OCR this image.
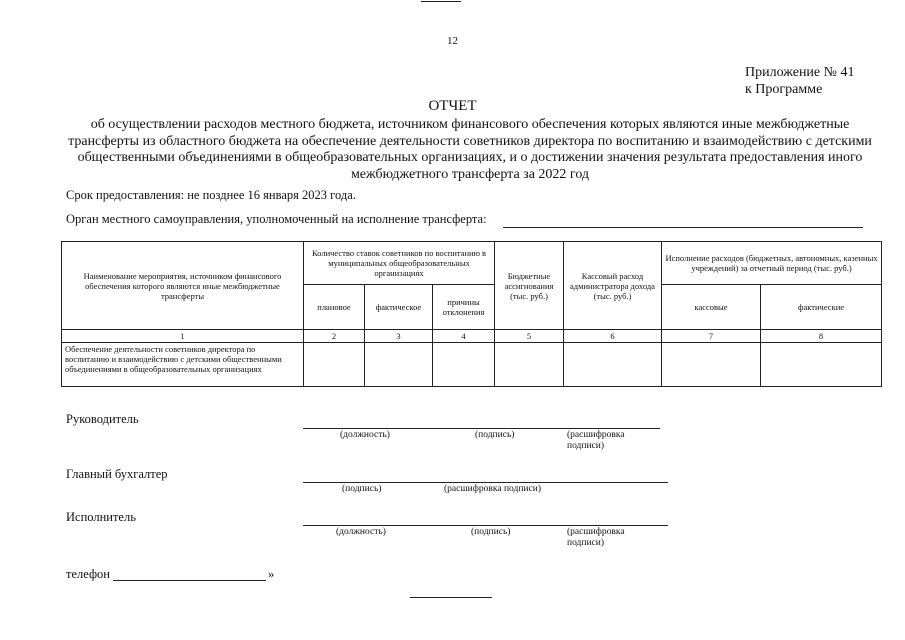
12
Приложение № 41
к Программе
ОТЧЕТ
об осуществлении расходов местного бюджета, источником финансового обеспечения которых являются иные межбюджетные трансферты из областного бюджета на обеспечение деятельности советников директора по воспитанию и взаимодействию с детскими общественными объединениями в общеобразовательных организациях, и о достижении значения результата предоставления иного межбюджетного трансферта за 2022 год
Срок предоставления: не позднее 16 января 2023 года.
Орган местного самоуправления, уполномоченный на исполнение трансферта:
Наименование мероприятия, источником финансового обеспечения которого являются иные межбюджетные трансферты	Количество ставок советников по воспитанию в муниципальных общеобразовательных организациях			Бюджетные ассигнования (тыс. руб.)	Кассовый расход администратора дохода (тыс. руб.)	Исполнение расходов (бюджетных, автономных, казенных учреждений) за отчетный период (тыс. руб.)	
	плановое	фактическое	причины отклонения			кассовые	фактические
1	2	3	4	5	6	7	8
Обеспечение деятельности советников директора по воспитанию и взаимодействию с детскими общественными объединениями в общеобразовательных организациях							
Руководитель
(должность)	(подпись)	(расшифровка подписи)
Главный бухгалтер
(подпись)	(расшифровка подписи)
Исполнитель
(должность)	(подпись)	(расшифровка подписи)
телефон	»
